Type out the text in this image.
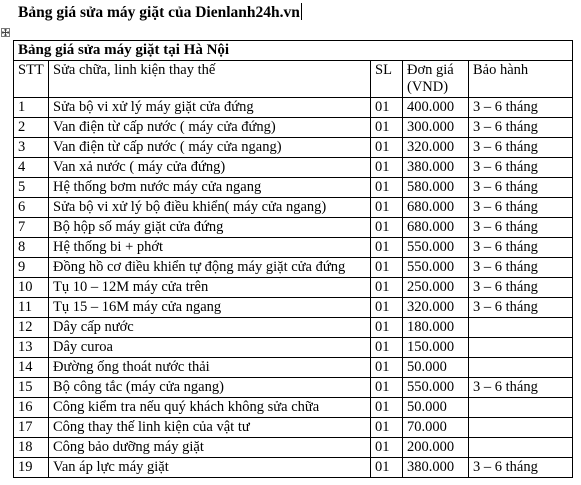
Bảng giá sửa máy giặt của Dienlanh24h.vn
Bảng giá sửa máy giặt tại Hà Nội				
STT	Sửa chữa, linh kiện thay thế	SL	Đơn giá (VND)	Bảo hành
1	Sửa bộ vi xử lý máy giặt cửa đứng	01	400.000	3 – 6 tháng
2	Van điện từ cấp nước ( máy cửa đứng)	01	300.000	3 – 6 tháng
3	Van điện từ cấp nước ( máy cửa ngang)	01	320.000	3 – 6 tháng
4	Van xả nước ( máy cửa đứng)	01	380.000	3 – 6 tháng
5	Hệ thống bơm nước máy cửa ngang	01	580.000	3 – 6 tháng
6	Sửa bộ vi xử lý bộ điều khiển( máy cửa ngang)	01	680.000	3 – 6 tháng
7	Bộ hộp số máy giặt cửa đứng	01	680.000	3 – 6 tháng
8	Hệ thống bi + phớt	01	550.000	3 – 6 tháng
9	Đồng hồ cơ điều khiển tự động máy giặt cửa đứng	01	550.000	3 – 6 tháng
10	Tụ 10 – 12M máy cửa trên	01	250.000	3 – 6 tháng
11	Tụ 15 – 16M máy cửa ngang	01	320.000	3 – 6 tháng
12	Dây cấp nước	01	180.000	
13	Dây curoa	01	150.000	
14	Đường ống thoát nước thải	01	50.000	
15	Bộ công tắc (máy cửa ngang)	01	550.000	3 – 6 tháng
16	Công kiểm tra nếu quý khách không sửa chữa	01	50.000	
17	Công thay thế linh kiện của vật tư	01	70.000	
18	Công bảo dưỡng máy giặt	01	200.000	
19	Van áp lực máy giặt	01	380.000	3 – 6 tháng
